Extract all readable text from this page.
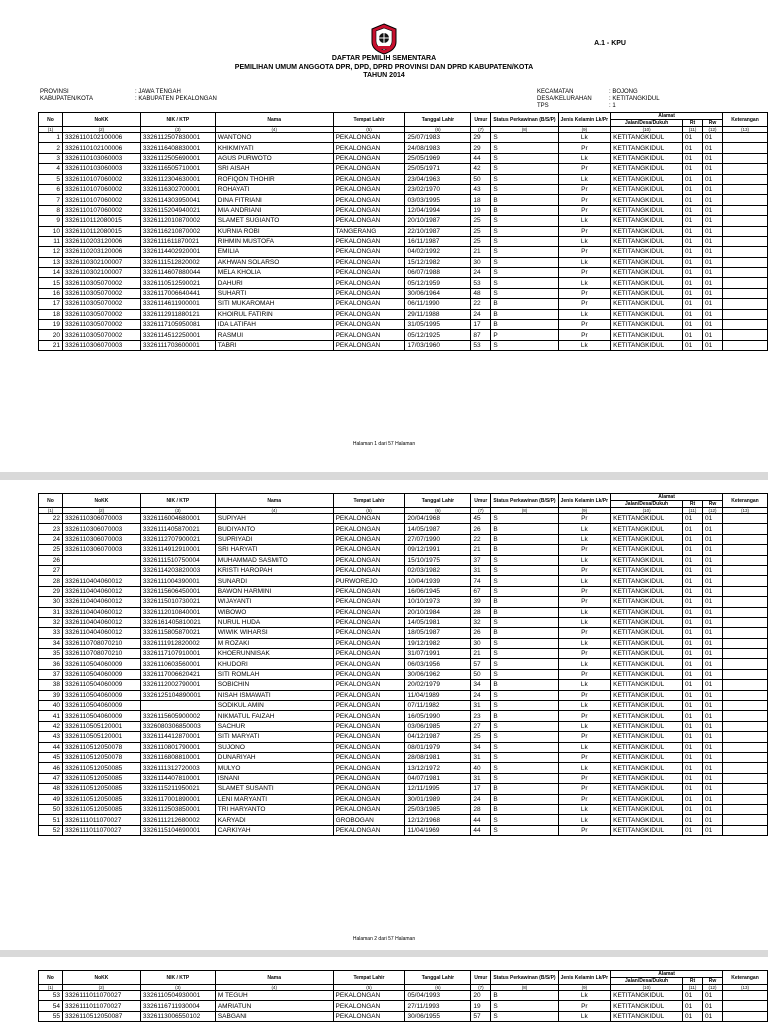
A.1 - KPU
DAFTAR PEMILIH SEMENTARA
PEMILIHAN UMUM ANGGOTA DPR, DPD, DPRD PROVINSI DAN DPRD KABUPATEN/KOTA
TAHUN 2014
PROVINSI	: JAWA TENGAH
KABUPATEN/KOTA	: KABUPATEN PEKALONGAN
KECAMATAN	: BOJONG
DESA/KELURAHAN	: KETITANGKIDUL
TPS	: 1
No	NoKK	NIK / KTP	Nama	Tempat Lahir	Tanggal Lahir	Umur	Status Perkawinan (B/S/P)	Jenis Kelamin Lk/Pr	Alamat			Keterangan
									Jalan/Desa/Dukuh	Rt	Rw	
(1)	(2)	(3)	(4)	(5)	(6)	(7)	(8)	(9)	(10)	(11)	(12)	(13)
1	3326110102100006	3326112507830001	WANTONO	PEKALONGAN	25/07/1983	29	S	Lk	KETITANGKIDUL	01	01	
2	3326110102100006	3326116408830001	KHIKMIYATI	PEKALONGAN	24/08/1983	29	S	Pr	KETITANGKIDUL	01	01	
3	3326110103060003	3326112505690001	AGUS PURWOTO	PEKALONGAN	25/05/1969	44	S	Lk	KETITANGKIDUL	01	01	
4	3326110103060003	3326116505710001	SRI AISAH	PEKALONGAN	25/05/1971	42	S	Pr	KETITANGKIDUL	01	01	
5	3326110107060002	3326112304630001	ROFIQON THOHIR	PEKALONGAN	23/04/1963	50	S	Lk	KETITANGKIDUL	01	01	
6	3326110107060002	3326116302700001	ROHAYATI	PEKALONGAN	23/02/1970	43	S	Pr	KETITANGKIDUL	01	01	
7	3326110107060002	3326114303950041	DINA FITRIANI	PEKALONGAN	03/03/1995	18	B	Pr	KETITANGKIDUL	01	01	
8	3326110107060002	3326115204940021	MIA ANDRIANI	PEKALONGAN	12/04/1994	19	B	Pr	KETITANGKIDUL	01	01	
9	3326110112080015	3326112010870002	SLAMET SUGIANTO	PEKALONGAN	20/10/1987	25	S	Lk	KETITANGKIDUL	01	01	
10	3326110112080015	3326116210870002	KURNIA ROBI	TANGERANG	22/10/1987	25	S	Pr	KETITANGKIDUL	01	01	
11	3326110203120006	3326111611870021	RIHMIN MUSTOFA	PEKALONGAN	16/11/1987	25	S	Lk	KETITANGKIDUL	01	01	
12	3326110203120006	3326114402920001	EMILIA	PEKALONGAN	04/02/1992	21	S	Pr	KETITANGKIDUL	01	01	
13	3326110302100007	3326111512820002	AKHWAN SOLARSO	PEKALONGAN	15/12/1982	30	S	Lk	KETITANGKIDUL	01	01	
14	3326110302100007	3326114607880044	MELA KHOLIA	PEKALONGAN	06/07/1988	24	S	Pr	KETITANGKIDUL	01	01	
15	3326110305070002	3326110512590021	DAHURI	PEKALONGAN	05/12/1959	53	S	Lk	KETITANGKIDUL	01	01	
16	3326110305070002	3326117006640441	SUHARTI	PEKALONGAN	30/06/1964	48	S	Pr	KETITANGKIDUL	01	01	
17	3326110305070002	3326114611900001	SITI MUKAROMAH	PEKALONGAN	06/11/1990	22	B	Pr	KETITANGKIDUL	01	01	
18	3326110305070002	3326112911880121	KHOIRUL FATIRIN	PEKALONGAN	29/11/1988	24	B	Lk	KETITANGKIDUL	01	01	
19	3326110305070002	3326117105950081	IDA LATIFAH	PEKALONGAN	31/05/1995	17	B	Pr	KETITANGKIDUL	01	01	
20	3326110305070002	3326114512250001	RASMUI	PEKALONGAN	05/12/1925	87	P	Pr	KETITANGKIDUL	01	01	
21	3326110306070003	3326111703600001	TABRI	PEKALONGAN	17/03/1960	53	S	Lk	KETITANGKIDUL	01	01	
Halaman 1 dari 57 Halaman
No	NoKK	NIK / KTP	Nama	Tempat Lahir	Tanggal Lahir	Umur	Status Perkawinan (B/S/P)	Jenis Kelamin Lk/Pr	Alamat			Keterangan
									Jalan/Desa/Dukuh	Rt	Rw	
(1)	(2)	(3)	(4)	(5)	(6)	(7)	(8)	(9)	(10)	(11)	(12)	(13)
22	3326110306070003	3326116004680001	SUPIYAH	PEKALONGAN	20/04/1968	45	S	Pr	KETITANGKIDUL	01	01	
23	3326110306070003	3326111405870021	BUDIYANTO	PEKALONGAN	14/05/1987	26	B	Lk	KETITANGKIDUL	01	01	
24	3326110306070003	3326112707900021	SUPRIYADI	PEKALONGAN	27/07/1990	22	B	Lk	KETITANGKIDUL	01	01	
25	3326110306070003	3326114912910001	SRI HARYATI	PEKALONGAN	09/12/1991	21	B	Pr	KETITANGKIDUL	01	01	
26		3326111510750004	MUHAMMAD SASMITO	PEKALONGAN	15/10/1975	37	S	Lk	KETITANGKIDUL	01	01	
27		3326114203820003	KRISTI HAROPAH	PEKALONGAN	02/03/1982	31	S	Pr	KETITANGKIDUL	01	01	
28	3326110404060012	3326111004390001	SUNARDI	PURWOREJO	10/04/1939	74	S	Lk	KETITANGKIDUL	01	01	
29	3326110404060012	3326115606450001	BAWON HARMINI	PEKALONGAN	16/06/1945	67	S	Pr	KETITANGKIDUL	01	01	
30	3326110404060012	3326115010730021	WIJAYANTI	PEKALONGAN	10/10/1973	39	B	Pr	KETITANGKIDUL	01	01	
31	3326110404060012	3326112010840001	WIBOWO	PEKALONGAN	20/10/1984	28	B	Lk	KETITANGKIDUL	01	01	
32	3326110404060012	3326161405810021	NURUL HUDA	PEKALONGAN	14/05/1981	32	S	Lk	KETITANGKIDUL	01	01	
33	3326110404060012	3326115805870021	WIWIK WIHARSI	PEKALONGAN	18/05/1987	26	B	Pr	KETITANGKIDUL	01	01	
34	3326110708070210	3326111912820002	M ROZAKI	PEKALONGAN	19/12/1982	30	S	Lk	KETITANGKIDUL	01	01	
35	3326110708070210	3326117107910001	KHOERUNNISAK	PEKALONGAN	31/07/1991	21	S	Pr	KETITANGKIDUL	01	01	
36	3326110504060009	3326110603560001	KHUDORI	PEKALONGAN	06/03/1956	57	S	Lk	KETITANGKIDUL	01	01	
37	3326110504060009	3326117006620421	SITI ROMLAH	PEKALONGAN	30/06/1962	50	S	Pr	KETITANGKIDUL	01	01	
38	3326110504060009	3326112002790001	SOBICHIN	PEKALONGAN	20/02/1979	34	B	Lk	KETITANGKIDUL	01	01	
39	3326110504060009	3326125104890001	NISAH ISMAWATI	PEKALONGAN	11/04/1989	24	S	Pr	KETITANGKIDUL	01	01	
40	3326110504060009		SODIKUL AMIN	PEKALONGAN	07/11/1982	31	S	Lk	KETITANGKIDUL	01	01	
41	3326110504060009	3326115605900002	NIKMATUL FAIZAH	PEKALONGAN	16/05/1990	23	B	Pr	KETITANGKIDUL	01	01	
42	3326110505120001	3326080306850003	SACHUR	PEKALONGAN	03/06/1985	27	S	Lk	KETITANGKIDUL	01	01	
43	3326110505120001	3326114412870001	SITI MARYATI	PEKALONGAN	04/12/1987	25	S	Pr	KETITANGKIDUL	01	01	
44	3326110512050078	3326110801790001	SUJONO	PEKALONGAN	08/01/1979	34	S	Lk	KETITANGKIDUL	01	01	
45	3326110512050078	3326116808810001	DUNARIYAH	PEKALONGAN	28/08/1981	31	S	Pr	KETITANGKIDUL	01	01	
46	3326110512050085	3326111312720003	MULYO	PEKALONGAN	13/12/1972	40	S	Lk	KETITANGKIDUL	01	01	
47	3326110512050085	3326114407810001	ISNANI	PEKALONGAN	04/07/1981	31	S	Pr	KETITANGKIDUL	01	01	
48	3326110512050085	3326115211950021	SLAMET SUSANTI	PEKALONGAN	12/11/1995	17	B	Pr	KETITANGKIDUL	01	01	
49	3326110512050085	3326117001890001	LENI MARYANTI	PEKALONGAN	30/01/1989	24	B	Pr	KETITANGKIDUL	01	01	
50	3326110512050085	3326112503850001	TRI HARYANTO	PEKALONGAN	25/03/1985	28	B	Lk	KETITANGKIDUL	01	01	
51	3326111011070027	3326111212680002	KARYADI	GROBOGAN	12/12/1968	44	S	Lk	KETITANGKIDUL	01	01	
52	3326111011070027	3326115104690001	CARKIYAH	PEKALONGAN	11/04/1969	44	S	Pr	KETITANGKIDUL	01	01	
Halaman 2 dari 57 Halaman
No	NoKK	NIK / KTP	Nama	Tempat Lahir	Tanggal Lahir	Umur	Status Perkawinan (B/S/P)	Jenis Kelamin Lk/Pr	Alamat			Keterangan
									Jalan/Desa/Dukuh	Rt	Rw	
(1)	(2)	(3)	(4)	(5)	(6)	(7)	(8)	(9)	(10)	(11)	(12)	(13)
53	3326111011070027	3326110504930001	M TEGUH	PEKALONGAN	05/04/1993	20	B	Lk	KETITANGKIDUL	01	01	
54	3326111011070027	3326116711930004	AMRIATUN	PEKALONGAN	27/11/1993	19	S	Pr	KETITANGKIDUL	01	01	
55	3326110512050087	3326113006550102	SABGANI	PEKALONGAN	30/06/1955	57	S	Lk	KETITANGKIDUL	01	01	
